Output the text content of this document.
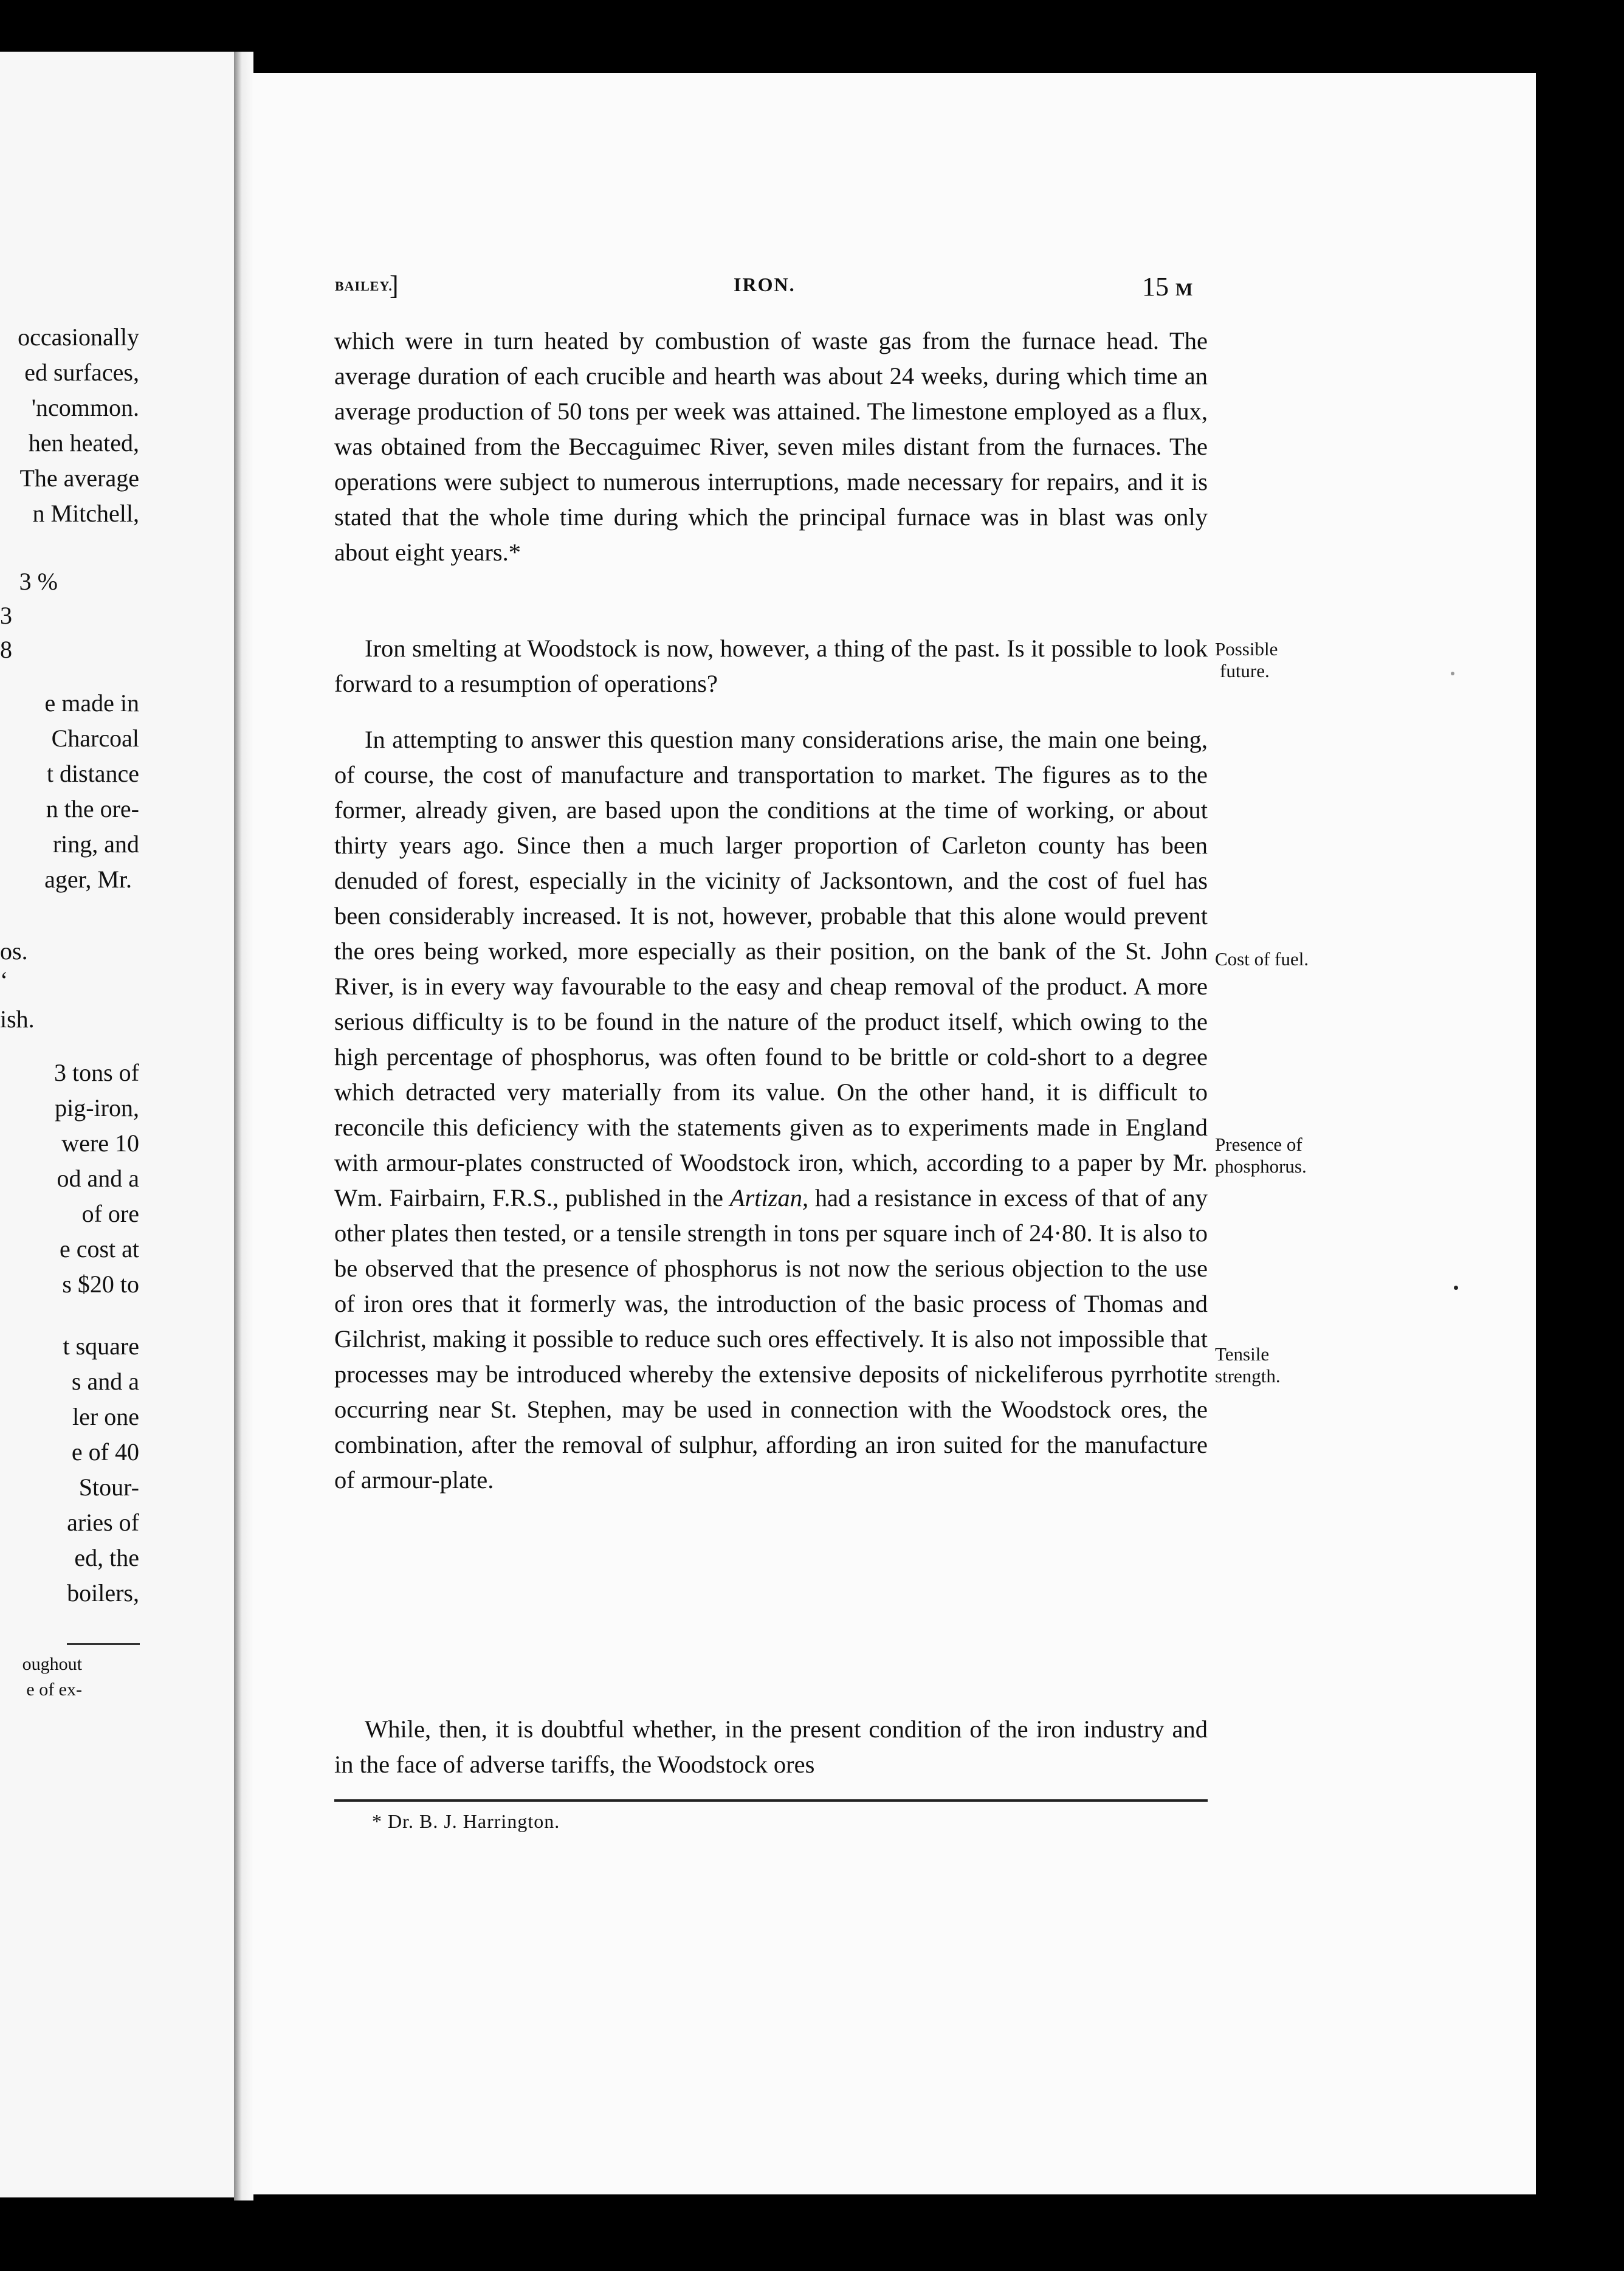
occasionally
ed surfaces,
'ncommon.
hen heated,
The average
n Mitchell,
3 %
3
8
e made in
Charcoal
t distance
n the ore-
ring, and
ager, Mr.
os.
‘
ish.
3 tons of
pig-iron,
were 10
od and a
of ore
e cost at
s $20 to
t square
s and a
ler one
e of 40
Stour-
aries of
ed, the
boilers,
oughout
e of ex-
BAILEY.
]	IRON.	15 M

which were in turn heated by combustion of waste gas from the furnace head. The average duration of each crucible and hearth was about 24 weeks, during which time an average production of 50 tons per week was attained. The limestone employed as a flux, was obtained from the Beccaguimec River, seven miles distant from the furnaces. The operations were subject to numerous interruptions, made necessary for repairs, and it is stated that the whole time during which the principal furnace was in blast was only about eight years.*

Iron smelting at Woodstock is now, however, a thing of the past. Is it possible to look forward to a resumption of operations?

In attempting to answer this question many considerations arise, the main one being, of course, the cost of manufacture and transportation to market. The figures as to the former, already given, are based upon the conditions at the time of working, or about thirty years ago. Since then a much larger proportion of Carleton county has been denuded of forest, especially in the vicinity of Jacksontown, and the cost of fuel has been considerably increased. It is not, however, probable that this alone would prevent the ores being worked, more especially as their position, on the bank of the St. John River, is in every way favourable to the easy and cheap removal of the product. A more serious difficulty is to be found in the nature of the product itself, which owing to the high percentage of phosphorus, was often found to be brittle or cold-short to a degree which detracted very materially from its value. On the other hand, it is difficult to reconcile this deficiency with the statements given as to experiments made in England with armour-plates constructed of Woodstock iron, which, according to a paper by Mr. Wm. Fairbairn, F.R.S., published in the Artizan, had a resistance in excess of that of any other plates then tested, or a tensile strength in tons per square inch of 24·80. It is also to be observed that the presence of phosphorus is not now the serious objection to the use of iron ores that it formerly was, the introduction of the basic process of Thomas and Gilchrist, making it possible to reduce such ores effectively. It is also not impossible that processes may be introduced whereby the extensive deposits of nickeliferous pyrrhotite occurring near St. Stephen, may be used in connection with the Woodstock ores, the combination, after the removal of sulphur, affording an iron suited for the manufacture of armour-plate.

While, then, it is doubtful whether, in the present condition of the iron industry and in the face of adverse tariffs, the Woodstock ores

Possible
future.
Cost of fuel.
Presence of
phosphorus.
Tensile
strength.
* Dr. B. J. Harrington.
